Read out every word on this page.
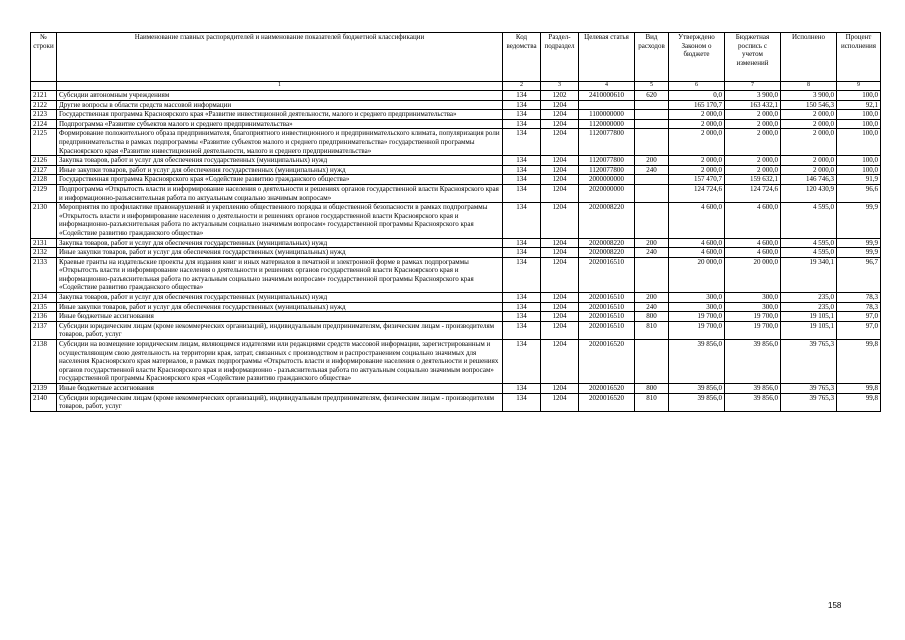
№ строки	Наименование главных распорядителей и наименование показателей бюджетной классификации	Код ведомства	Раздел-подраздел	Целевая статья	Вид расходов	Утверждено Законом о бюджете	Бюджетная роспись с учетом изменений	Исполнено	Процент исполнения
	1	2	3	4	5	6	7	8	9
2121	Субсидии автономным учреждениям	134	1202	2410000610	620	0,0	3 900,0	3 900,0	100,0
2122	Другие вопросы в области средств массовой информации	134	1204			165 170,7	163 432,1	150 546,3	92,1
2123	Государственная программа Красноярского края «Развитие инвестиционной деятельности, малого и среднего предпринимательства»	134	1204	1100000000		2 000,0	2 000,0	2 000,0	100,0
2124	Подпрограмма «Развитие субъектов малого и среднего предпринимательства»	134	1204	1120000000		2 000,0	2 000,0	2 000,0	100,0
2125	Формирование положительного образа предпринимателя, благоприятного инвестиционного и предпринимательского климата, популяризация роли предпринимательства в рамках подпрограммы «Развитие субъектов малого и среднего предпринимательства» государственной программы Красноярского края «Развитие инвестиционной деятельности, малого и среднего предпринимательства»	134	1204	1120077800		2 000,0	2 000,0	2 000,0	100,0
2126	Закупка товаров, работ и услуг для обеспечения государственных (муниципальных) нужд	134	1204	1120077800	200	2 000,0	2 000,0	2 000,0	100,0
2127	Иные закупки товаров, работ и услуг для обеспечения государственных (муниципальных) нужд	134	1204	1120077800	240	2 000,0	2 000,0	2 000,0	100,0
2128	Государственная программа Красноярского края «Содействие развитию гражданского общества»	134	1204	2000000000		157 470,7	159 632,1	146 746,3	91,9
2129	Подпрограмма «Открытость власти и информирование населения о деятельности и решениях органов государственной власти Красноярского края и информационно-разъяснительная работа по актуальным социально значимым вопросам»	134	1204	2020000000		124 724,6	124 724,6	120 430,9	96,6
2130	Мероприятия по профилактике правонарушений и укреплению общественного порядка и общественной безопасности в рамках подпрограммы «Открытость власти и информирование населения о деятельности и решениях органов государственной власти Красноярского края и информационно-разъяснительная работа по актуальным социально значимым вопросам» государственной программы Красноярского края «Содействие развитию гражданского общества»	134	1204	2020008220		4 600,0	4 600,0	4 595,0	99,9
2131	Закупка товаров, работ и услуг для обеспечения государственных (муниципальных) нужд	134	1204	2020008220	200	4 600,0	4 600,0	4 595,0	99,9
2132	Иные закупки товаров, работ и услуг для обеспечения государственных (муниципальных) нужд	134	1204	2020008220	240	4 600,0	4 600,0	4 595,0	99,9
2133	Краевые гранты на издательские проекты для издания книг и иных материалов в печатной и электронной форме в рамках подпрограммы «Открытость власти и информирование населения о деятельности и решениях органов государственной власти Красноярского края и информационно-разъяснительная работа по актуальным социально значимым вопросам» государственной программы Красноярского края «Содействие развитию гражданского общества»	134	1204	2020016510		20 000,0	20 000,0	19 340,1	96,7
2134	Закупка товаров, работ и услуг для обеспечения государственных (муниципальных) нужд	134	1204	2020016510	200	300,0	300,0	235,0	78,3
2135	Иные закупки товаров, работ и услуг для обеспечения государственных (муниципальных) нужд	134	1204	2020016510	240	300,0	300,0	235,0	78,3
2136	Иные бюджетные ассигнования	134	1204	2020016510	800	19 700,0	19 700,0	19 105,1	97,0
2137	Субсидии юридическим лицам (кроме некоммерческих организаций), индивидуальным предпринимателям, физическим лицам - производителям товаров, работ, услуг	134	1204	2020016510	810	19 700,0	19 700,0	19 105,1	97,0
2138	Субсидии на возмещение юридическим лицам, являющимся издателями или редакциями средств массовой информации, зарегистрированным и осуществляющим свою деятельность на территории края, затрат, связанных с производством и распространением социально значимых для населения Красноярского края материалов, в рамках подпрограммы «Открытость власти и информирование населения о деятельности и решениях органов государственной власти Красноярского края и информационно - разъяснительная работа по актуальным социально значимым вопросам» государственной программы Красноярского края «Содействие развитию гражданского общества»	134	1204	2020016520		39 856,0	39 856,0	39 765,3	99,8
2139	Иные бюджетные ассигнования	134	1204	2020016520	800	39 856,0	39 856,0	39 765,3	99,8
2140	Субсидии юридическим лицам (кроме некоммерческих организаций), индивидуальным предпринимателям, физическим лицам - производителям товаров, работ, услуг	134	1204	2020016520	810	39 856,0	39 856,0	39 765,3	99,8
158
